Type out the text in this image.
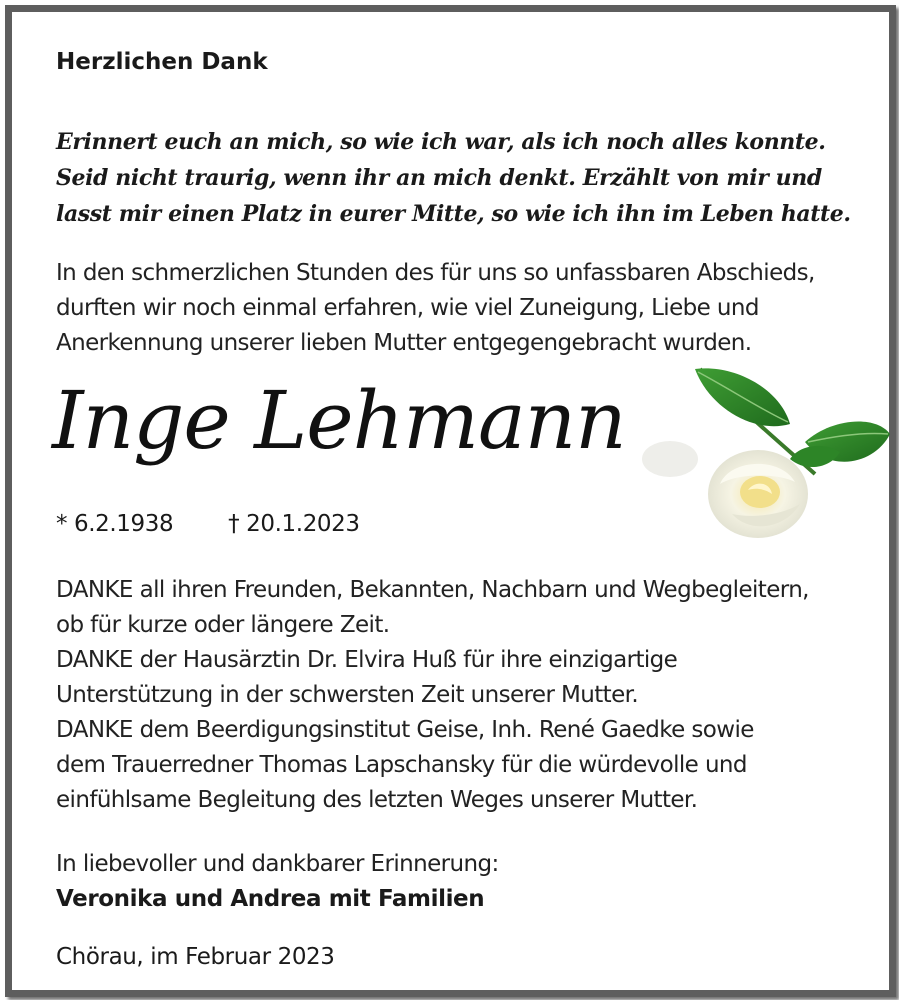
Herzlichen Dank
Erinnert euch an mich, so wie ich war, als ich noch alles konnte.
Seid nicht traurig, wenn ihr an mich denkt. Erzählt von mir und
lasst mir einen Platz in eurer Mitte, so wie ich ihn im Leben hatte.
In den schmerzlichen Stunden des für uns so unfassbaren Abschieds,
durften wir noch einmal erfahren, wie viel Zuneigung, Liebe und
Anerkennung unserer lieben Mutter entgegengebracht wurden.
Inge Lehmann
* 6.2.1938 † 20.1.2023
DANKE all ihren Freunden, Bekannten, Nachbarn und Wegbegleitern,
ob für kurze oder längere Zeit.
DANKE der Hausärztin Dr. Elvira Huß für ihre einzigartige
Unterstützung in der schwersten Zeit unserer Mutter.
DANKE dem Beerdigungsinstitut Geise, Inh. René Gaedke sowie
dem Trauerredner Thomas Lapschansky für die würdevolle und
einfühlsame Begleitung des letzten Weges unserer Mutter.
In liebevoller und dankbarer Erinnerung:
Veronika und Andrea mit Familien
Chörau, im Februar 2023
